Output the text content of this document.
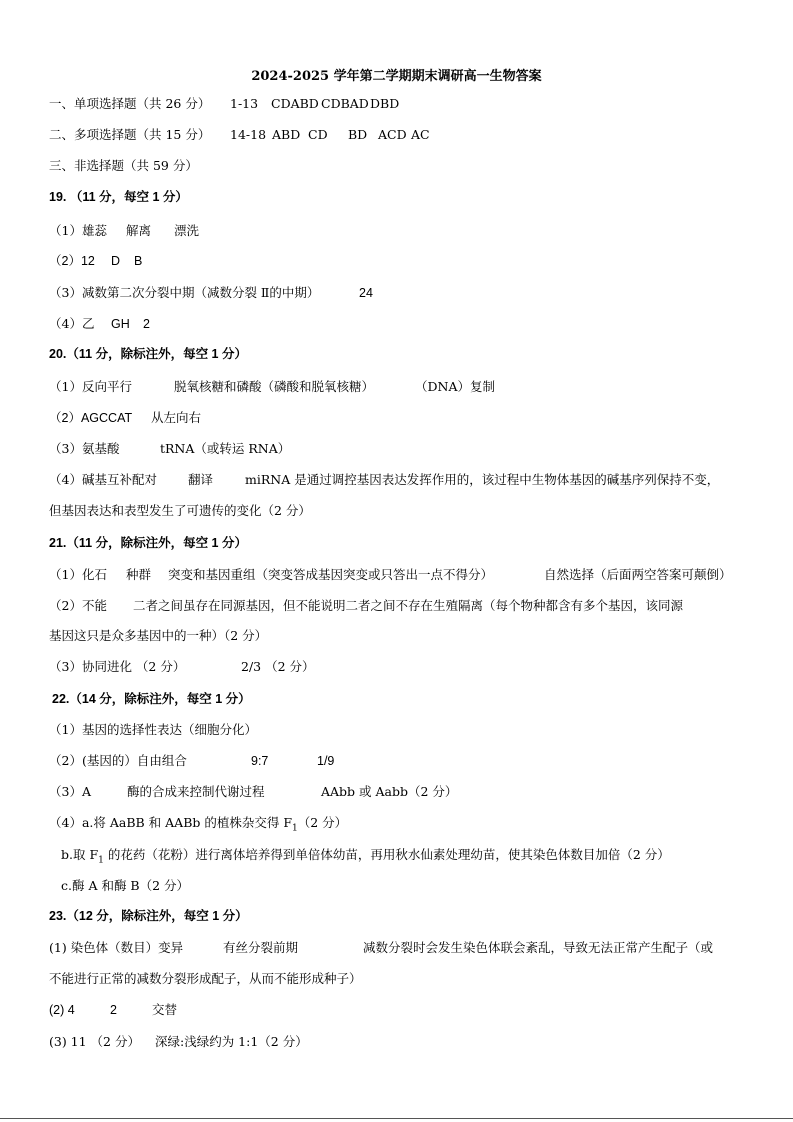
2024-2025 学年第二学期期末调研高一生物答案
一、单项选择题（共 26 分） 1-13 CDABD CDBAD DBD
二、多项选择题（共 15 分） 14-18 ABD CD BD ACD AC
三、非选择题（共 59 分）
19. （11 分，每空 1 分）
（1）雄蕊 解离 漂洗
（2）12 D B
（3）减数第二次分裂中期（减数分裂 Ⅱ的中期）	24
（4）乙 GH 2
20.（11 分，除标注外，每空 1 分）
（1）反向平行	脱氧核糖和磷酸（磷酸和脱氧核糖）	（DNA）复制
（2）AGCCAT 从左向右
（3）氨基酸	tRNA（或转运 RNA）
（4）碱基互补配对 翻译	miRNA 是通过调控基因表达发挥作用的，该过程中生物体基因的碱基序列保持不变，
但基因表达和表型发生了可遗传的变化（2 分）
21.（11 分，除标注外，每空 1 分）
（1）化石 种群 突变和基因重组（突变答成基因突变或只答出一点不得分）	自然选择（后面两空答案可颠倒）
（2）不能 二者之间虽存在同源基因，但不能说明二者之间不存在生殖隔离（每个物种都含有多个基因，该同源
基因这只是众多基因中的一种）（2 分）
（3）协同进化 （2 分）	2/3 （2 分）
22.（14 分，除标注外，每空 1 分）
（1）基因的选择性表达（细胞分化）
（2）(基因的）自由组合	9:7	1/9
（3）A	酶的合成来控制代谢过程	AAbb 或 Aabb（2 分）
（4）a.将 AaBB 和 AABb 的植株杂交得 $F_1(2$ 分）
b.取 $F_1$ 的花药（花粉）进行离体培养得到单倍体幼苗，再用秋水仙素处理幼苗，使其染色体数目加倍（2 分）
c.酶 A 和酶 B（2 分）
23.（12 分，除标注外，每空 1 分）
(1) 染色体（数目）变异	有丝分裂前期	减数分裂时会发生染色体联会紊乱，导致无法正常产生配子（或
不能进行正常的减数分裂形成配子，从而不能形成种子）
(2) 4	2	交替
(3) 11 （2 分） 深绿:浅绿约为 1:1（2 分）
